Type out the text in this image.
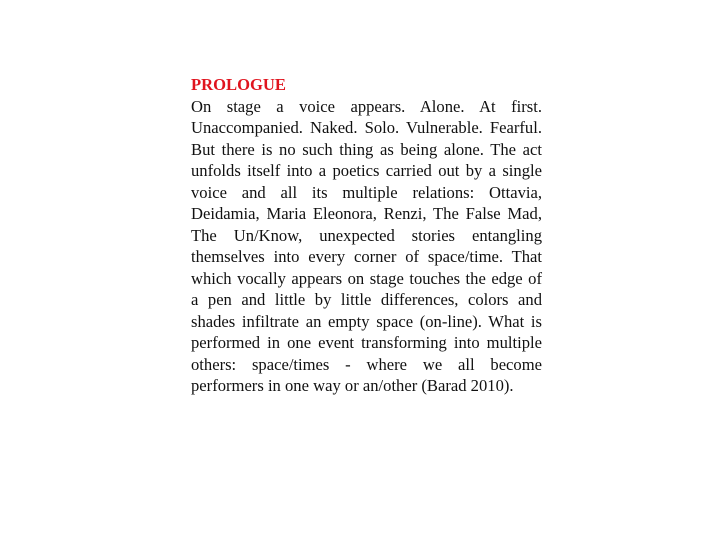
PROLOGUE

On stage a voice appears. Alone. At first. Unaccompanied. Naked. Solo. Vulnerable. Fearful. But there is no such thing as being alone. The act unfolds itself into a poetics carried out by a single voice and all its multiple relations: Ottavia, Deidamia, Maria Eleonora, Renzi, The False Mad, The Un/Know, unexpected stories entangling themselves into every corner of space/time. That which vocally appears on stage touches the edge of a pen and little by little differences, colors and shades infiltrate an empty space (on-line). What is performed in one event transforming into multiple others: space/times - where we all become performers in one way or an/other (Barad 2010).
